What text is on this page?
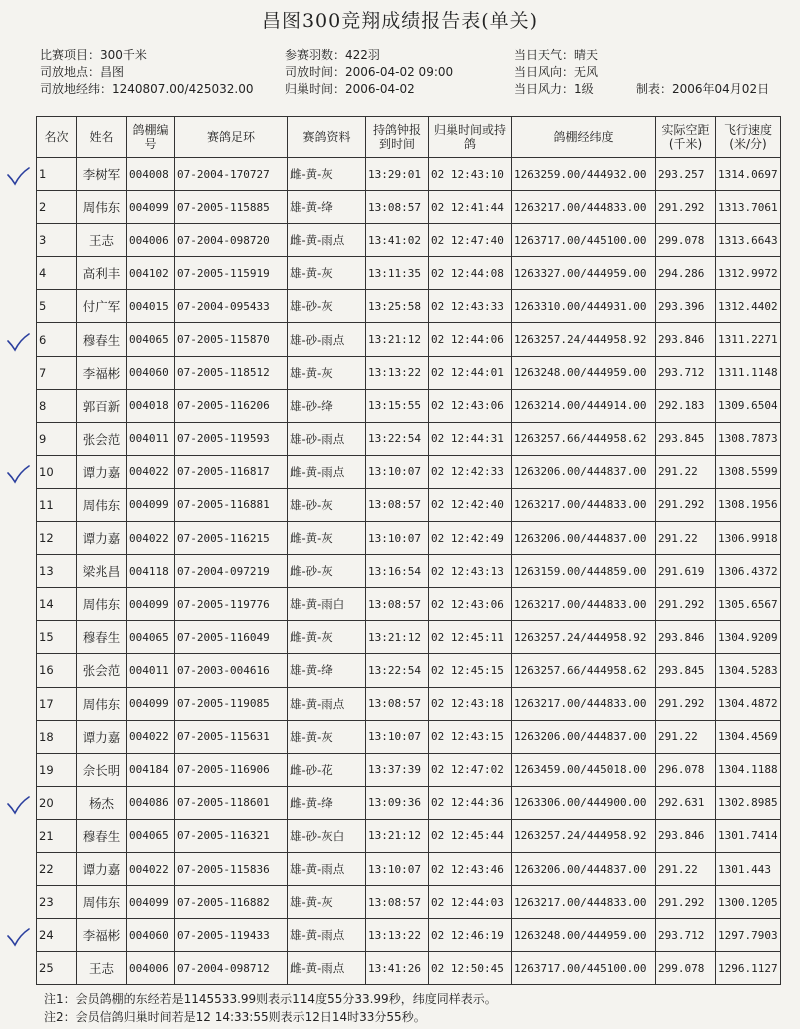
昌图300竞翔成绩报告表(单关)
比赛项目：300千米
司放地点：昌图
司放地经纬：1240807.00/425032.00
参赛羽数：422羽
司放时间：2006-04-02 09:00
归巢时间：2006-04-02
当日天气：晴天
当日风向：无风
当日风力：1级	制表：2006年04月02日
名次	姓名	鸽棚编号	赛鸽足环	赛鸽资料	持鸽钟报到时间	归巢时间或持鸽	鸽棚经纬度	实际空距(千米)	飞行速度(米/分)
1	李树军	004008	07-2004-170727	雌-黄-灰	13:29:01	02 12:43:10	1263259.00/444932.00	293.257	1314.0697
2	周伟东	004099	07-2005-115885	雄-黄-绛	13:08:57	02 12:41:44	1263217.00/444833.00	291.292	1313.7061
3	王志	004006	07-2004-098720	雌-黄-雨点	13:41:02	02 12:47:40	1263717.00/445100.00	299.078	1313.6643
4	高利丰	004102	07-2005-115919	雄-黄-灰	13:11:35	02 12:44:08	1263327.00/444959.00	294.286	1312.9972
5	付广军	004015	07-2004-095433	雄-砂-灰	13:25:58	02 12:43:33	1263310.00/444931.00	293.396	1312.4402
6	穆春生	004065	07-2005-115870	雄-砂-雨点	13:21:12	02 12:44:06	1263257.24/444958.92	293.846	1311.2271
7	李福彬	004060	07-2005-118512	雄-黄-灰	13:13:22	02 12:44:01	1263248.00/444959.00	293.712	1311.1148
8	郭百新	004018	07-2005-116206	雄-砂-绛	13:15:55	02 12:43:06	1263214.00/444914.00	292.183	1309.6504
9	张会范	004011	07-2005-119593	雄-砂-雨点	13:22:54	02 12:44:31	1263257.66/444958.62	293.845	1308.7873
10	谭力嘉	004022	07-2005-116817	雌-黄-雨点	13:10:07	02 12:42:33	1263206.00/444837.00	291.22	1308.5599
11	周伟东	004099	07-2005-116881	雄-砂-灰	13:08:57	02 12:42:40	1263217.00/444833.00	291.292	1308.1956
12	谭力嘉	004022	07-2005-116215	雌-黄-灰	13:10:07	02 12:42:49	1263206.00/444837.00	291.22	1306.9918
13	梁兆昌	004118	07-2004-097219	雌-砂-灰	13:16:54	02 12:43:13	1263159.00/444859.00	291.619	1306.4372
14	周伟东	004099	07-2005-119776	雄-黄-雨白	13:08:57	02 12:43:06	1263217.00/444833.00	291.292	1305.6567
15	穆春生	004065	07-2005-116049	雌-黄-灰	13:21:12	02 12:45:11	1263257.24/444958.92	293.846	1304.9209
16	张会范	004011	07-2003-004616	雄-黄-绛	13:22:54	02 12:45:15	1263257.66/444958.62	293.845	1304.5283
17	周伟东	004099	07-2005-119085	雄-黄-雨点	13:08:57	02 12:43:18	1263217.00/444833.00	291.292	1304.4872
18	谭力嘉	004022	07-2005-115631	雄-黄-灰	13:10:07	02 12:43:15	1263206.00/444837.00	291.22	1304.4569
19	佘长明	004184	07-2005-116906	雌-砂-花	13:37:39	02 12:47:02	1263459.00/445018.00	296.078	1304.1188
20	杨杰	004086	07-2005-118601	雌-黄-绛	13:09:36	02 12:44:36	1263306.00/444900.00	292.631	1302.8985
21	穆春生	004065	07-2005-116321	雄-砂-灰白	13:21:12	02 12:45:44	1263257.24/444958.92	293.846	1301.7414
22	谭力嘉	004022	07-2005-115836	雄-黄-雨点	13:10:07	02 12:43:46	1263206.00/444837.00	291.22	1301.443
23	周伟东	004099	07-2005-116882	雄-黄-灰	13:08:57	02 12:44:03	1263217.00/444833.00	291.292	1300.1205
24	李福彬	004060	07-2005-119433	雄-黄-雨点	13:13:22	02 12:46:19	1263248.00/444959.00	293.712	1297.7903
25	王志	004006	07-2004-098712	雌-黄-雨点	13:41:26	02 12:50:45	1263717.00/445100.00	299.078	1296.1127
注1：会员鸽棚的东经若是1145533.99则表示114度55分33.99秒，纬度同样表示。
注2：会员信鸽归巢时间若是12 14:33:55则表示12日14时33分55秒。
